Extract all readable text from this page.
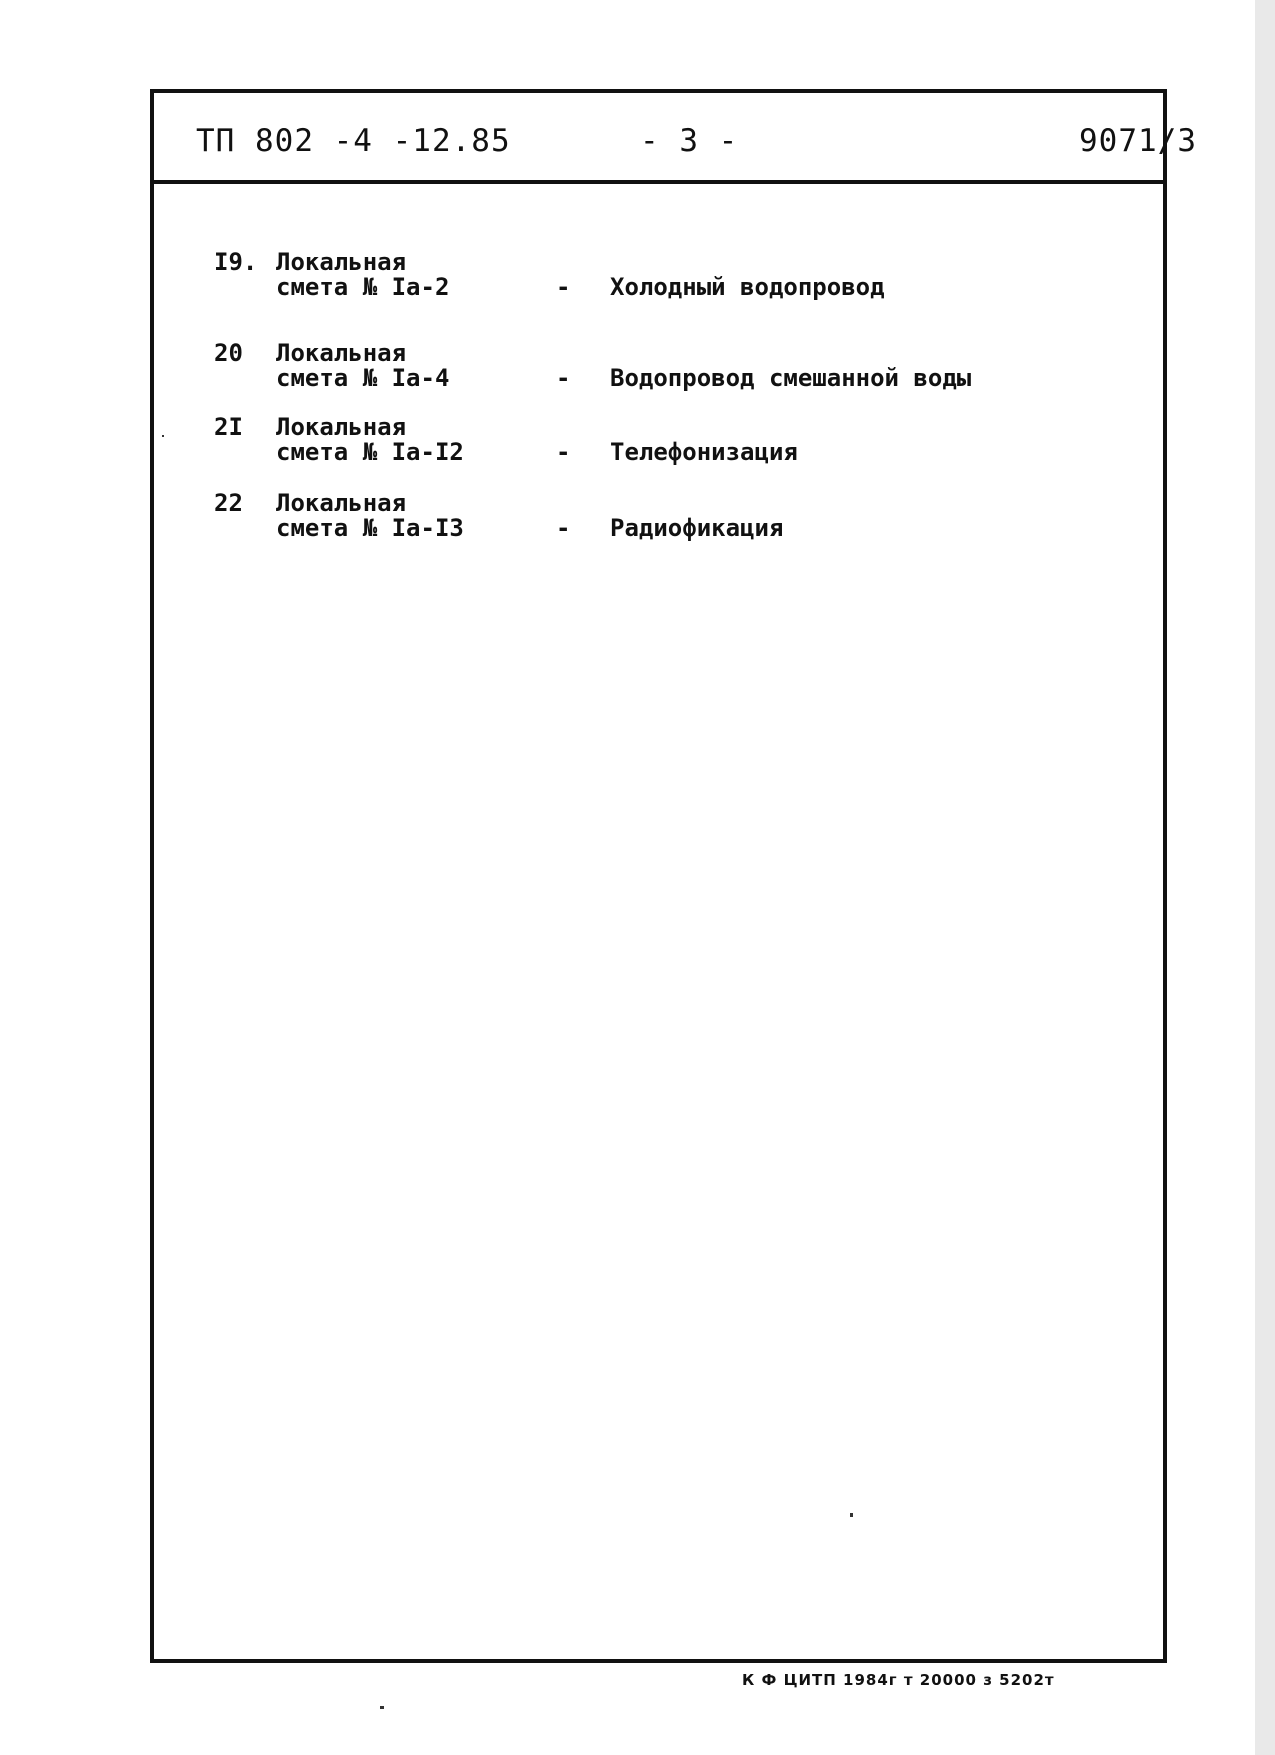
ТП 802 -4 -12.85	- 3 -	9071/3
I9. Локальная
смета № Iа-2	- Холодный водопровод
20 Локальная
смета № Iа-4	- Водопровод смешанной воды
2I Локальная
смета № Iа-I2	- Телефонизация
22 Локальная
смета № Iа-I3	- Радиофикация
К Ф ЦИТП 1984г т 20000 з 5202т
